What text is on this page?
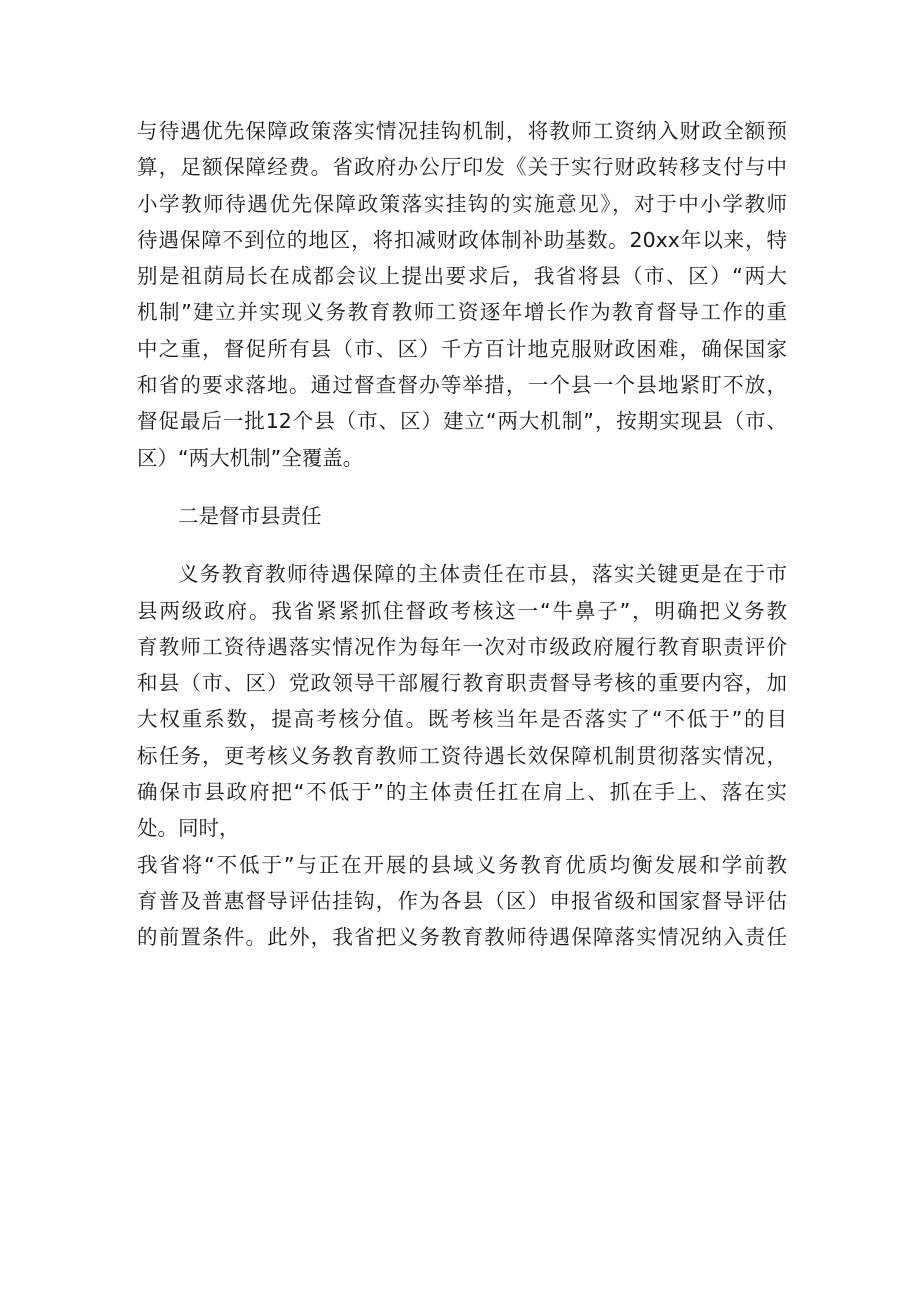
与待遇优先保障政策落实情况挂钩机制，将教师工资纳入财政全额预
算，足额保障经费。省政府办公厅印发《关于实行财政转移支付与中
小学教师待遇优先保障政策落实挂钩的实施意见》，对于中小学教师
待遇保障不到位的地区，将扣减财政体制补助基数。20xx年以来，特
别是祖荫局长在成都会议上提出要求后，我省将县（市、区）“两大
机制”建立并实现义务教育教师工资逐年增长作为教育督导工作的重
中之重，督促所有县（市、区）千方百计地克服财政困难，确保国家
和省的要求落地。通过督查督办等举措，一个县一个县地紧盯不放，
督促最后一批12个县（市、区）建立“两大机制”，按期实现县（市、
区）“两大机制”全覆盖。
二是督市县责任
义务教育教师待遇保障的主体责任在市县，落实关键更是在于市
县两级政府。我省紧紧抓住督政考核这一“牛鼻子”，明确把义务教
育教师工资待遇落实情况作为每年一次对市级政府履行教育职责评价
和县（市、区）党政领导干部履行教育职责督导考核的重要内容，加
大权重系数，提高考核分值。既考核当年是否落实了“不低于”的目
标任务，更考核义务教育教师工资待遇长效保障机制贯彻落实情况，
确保市县政府把“不低于”的主体责任扛在肩上、抓在手上、落在实
处。同时，
我省将“不低于”与正在开展的县域义务教育优质均衡发展和学前教
育普及普惠督导评估挂钩，作为各县（区）申报省级和国家督导评估
的前置条件。此外，我省把义务教育教师待遇保障落实情况纳入责任
